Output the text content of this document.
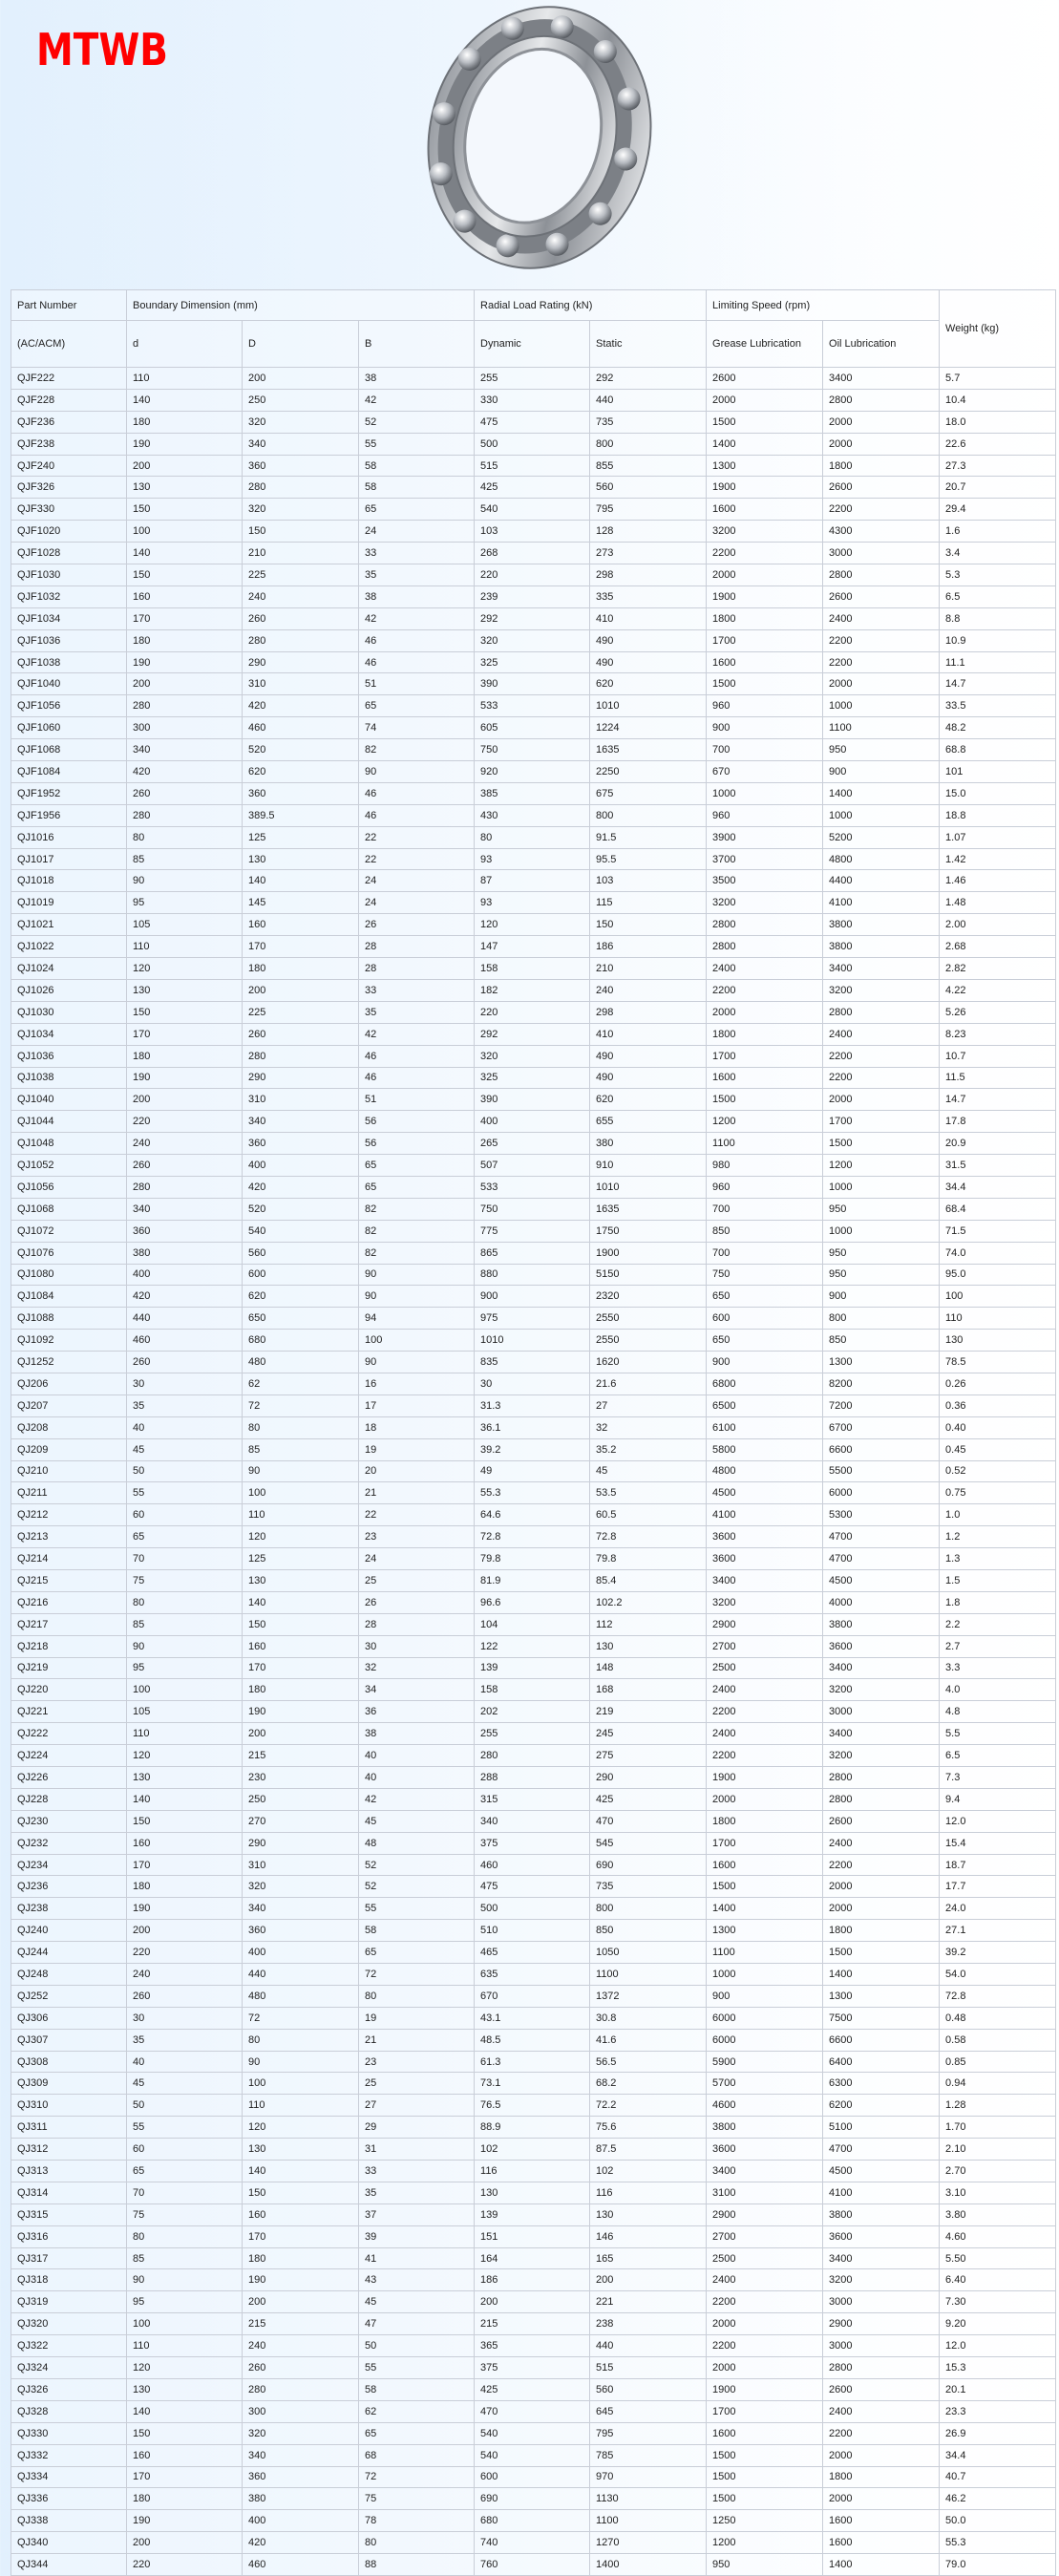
MTWB
Part Number	Boundary Dimension (mm)			Radial Load Rating (kN)		Limiting Speed (rpm)		Weight (kg)
(AC/ACM)	d	D	B	Dynamic	Static	Grease Lubrication	Oil Lubrication	
QJF222	110	200	38	255	292	2600	3400	5.7
QJF228	140	250	42	330	440	2000	2800	10.4
QJF236	180	320	52	475	735	1500	2000	18.0
QJF238	190	340	55	500	800	1400	2000	22.6
QJF240	200	360	58	515	855	1300	1800	27.3
QJF326	130	280	58	425	560	1900	2600	20.7
QJF330	150	320	65	540	795	1600	2200	29.4
QJF1020	100	150	24	103	128	3200	4300	1.6
QJF1028	140	210	33	268	273	2200	3000	3.4
QJF1030	150	225	35	220	298	2000	2800	5.3
QJF1032	160	240	38	239	335	1900	2600	6.5
QJF1034	170	260	42	292	410	1800	2400	8.8
QJF1036	180	280	46	320	490	1700	2200	10.9
QJF1038	190	290	46	325	490	1600	2200	11.1
QJF1040	200	310	51	390	620	1500	2000	14.7
QJF1056	280	420	65	533	1010	960	1000	33.5
QJF1060	300	460	74	605	1224	900	1100	48.2
QJF1068	340	520	82	750	1635	700	950	68.8
QJF1084	420	620	90	920	2250	670	900	101
QJF1952	260	360	46	385	675	1000	1400	15.0
QJF1956	280	389.5	46	430	800	960	1000	18.8
QJ1016	80	125	22	80	91.5	3900	5200	1.07
QJ1017	85	130	22	93	95.5	3700	4800	1.42
QJ1018	90	140	24	87	103	3500	4400	1.46
QJ1019	95	145	24	93	115	3200	4100	1.48
QJ1021	105	160	26	120	150	2800	3800	2.00
QJ1022	110	170	28	147	186	2800	3800	2.68
QJ1024	120	180	28	158	210	2400	3400	2.82
QJ1026	130	200	33	182	240	2200	3200	4.22
QJ1030	150	225	35	220	298	2000	2800	5.26
QJ1034	170	260	42	292	410	1800	2400	8.23
QJ1036	180	280	46	320	490	1700	2200	10.7
QJ1038	190	290	46	325	490	1600	2200	11.5
QJ1040	200	310	51	390	620	1500	2000	14.7
QJ1044	220	340	56	400	655	1200	1700	17.8
QJ1048	240	360	56	265	380	1100	1500	20.9
QJ1052	260	400	65	507	910	980	1200	31.5
QJ1056	280	420	65	533	1010	960	1000	34.4
QJ1068	340	520	82	750	1635	700	950	68.4
QJ1072	360	540	82	775	1750	850	1000	71.5
QJ1076	380	560	82	865	1900	700	950	74.0
QJ1080	400	600	90	880	5150	750	950	95.0
QJ1084	420	620	90	900	2320	650	900	100
QJ1088	440	650	94	975	2550	600	800	110
QJ1092	460	680	100	1010	2550	650	850	130
QJ1252	260	480	90	835	1620	900	1300	78.5
QJ206	30	62	16	30	21.6	6800	8200	0.26
QJ207	35	72	17	31.3	27	6500	7200	0.36
QJ208	40	80	18	36.1	32	6100	6700	0.40
QJ209	45	85	19	39.2	35.2	5800	6600	0.45
QJ210	50	90	20	49	45	4800	5500	0.52
QJ211	55	100	21	55.3	53.5	4500	6000	0.75
QJ212	60	110	22	64.6	60.5	4100	5300	1.0
QJ213	65	120	23	72.8	72.8	3600	4700	1.2
QJ214	70	125	24	79.8	79.8	3600	4700	1.3
QJ215	75	130	25	81.9	85.4	3400	4500	1.5
QJ216	80	140	26	96.6	102.2	3200	4000	1.8
QJ217	85	150	28	104	112	2900	3800	2.2
QJ218	90	160	30	122	130	2700	3600	2.7
QJ219	95	170	32	139	148	2500	3400	3.3
QJ220	100	180	34	158	168	2400	3200	4.0
QJ221	105	190	36	202	219	2200	3000	4.8
QJ222	110	200	38	255	245	2400	3400	5.5
QJ224	120	215	40	280	275	2200	3200	6.5
QJ226	130	230	40	288	290	1900	2800	7.3
QJ228	140	250	42	315	425	2000	2800	9.4
QJ230	150	270	45	340	470	1800	2600	12.0
QJ232	160	290	48	375	545	1700	2400	15.4
QJ234	170	310	52	460	690	1600	2200	18.7
QJ236	180	320	52	475	735	1500	2000	17.7
QJ238	190	340	55	500	800	1400	2000	24.0
QJ240	200	360	58	510	850	1300	1800	27.1
QJ244	220	400	65	465	1050	1100	1500	39.2
QJ248	240	440	72	635	1100	1000	1400	54.0
QJ252	260	480	80	670	1372	900	1300	72.8
QJ306	30	72	19	43.1	30.8	6000	7500	0.48
QJ307	35	80	21	48.5	41.6	6000	6600	0.58
QJ308	40	90	23	61.3	56.5	5900	6400	0.85
QJ309	45	100	25	73.1	68.2	5700	6300	0.94
QJ310	50	110	27	76.5	72.2	4600	6200	1.28
QJ311	55	120	29	88.9	75.6	3800	5100	1.70
QJ312	60	130	31	102	87.5	3600	4700	2.10
QJ313	65	140	33	116	102	3400	4500	2.70
QJ314	70	150	35	130	116	3100	4100	3.10
QJ315	75	160	37	139	130	2900	3800	3.80
QJ316	80	170	39	151	146	2700	3600	4.60
QJ317	85	180	41	164	165	2500	3400	5.50
QJ318	90	190	43	186	200	2400	3200	6.40
QJ319	95	200	45	200	221	2200	3000	7.30
QJ320	100	215	47	215	238	2000	2900	9.20
QJ322	110	240	50	365	440	2200	3000	12.0
QJ324	120	260	55	375	515	2000	2800	15.3
QJ326	130	280	58	425	560	1900	2600	20.1
QJ328	140	300	62	470	645	1700	2400	23.3
QJ330	150	320	65	540	795	1600	2200	26.9
QJ332	160	340	68	540	785	1500	2000	34.4
QJ334	170	360	72	600	970	1500	1800	40.7
QJ336	180	380	75	690	1130	1500	2000	46.2
QJ338	190	400	78	680	1100	1250	1600	50.0
QJ340	200	420	80	740	1270	1200	1600	55.3
QJ344	220	460	88	760	1400	950	1400	79.0
